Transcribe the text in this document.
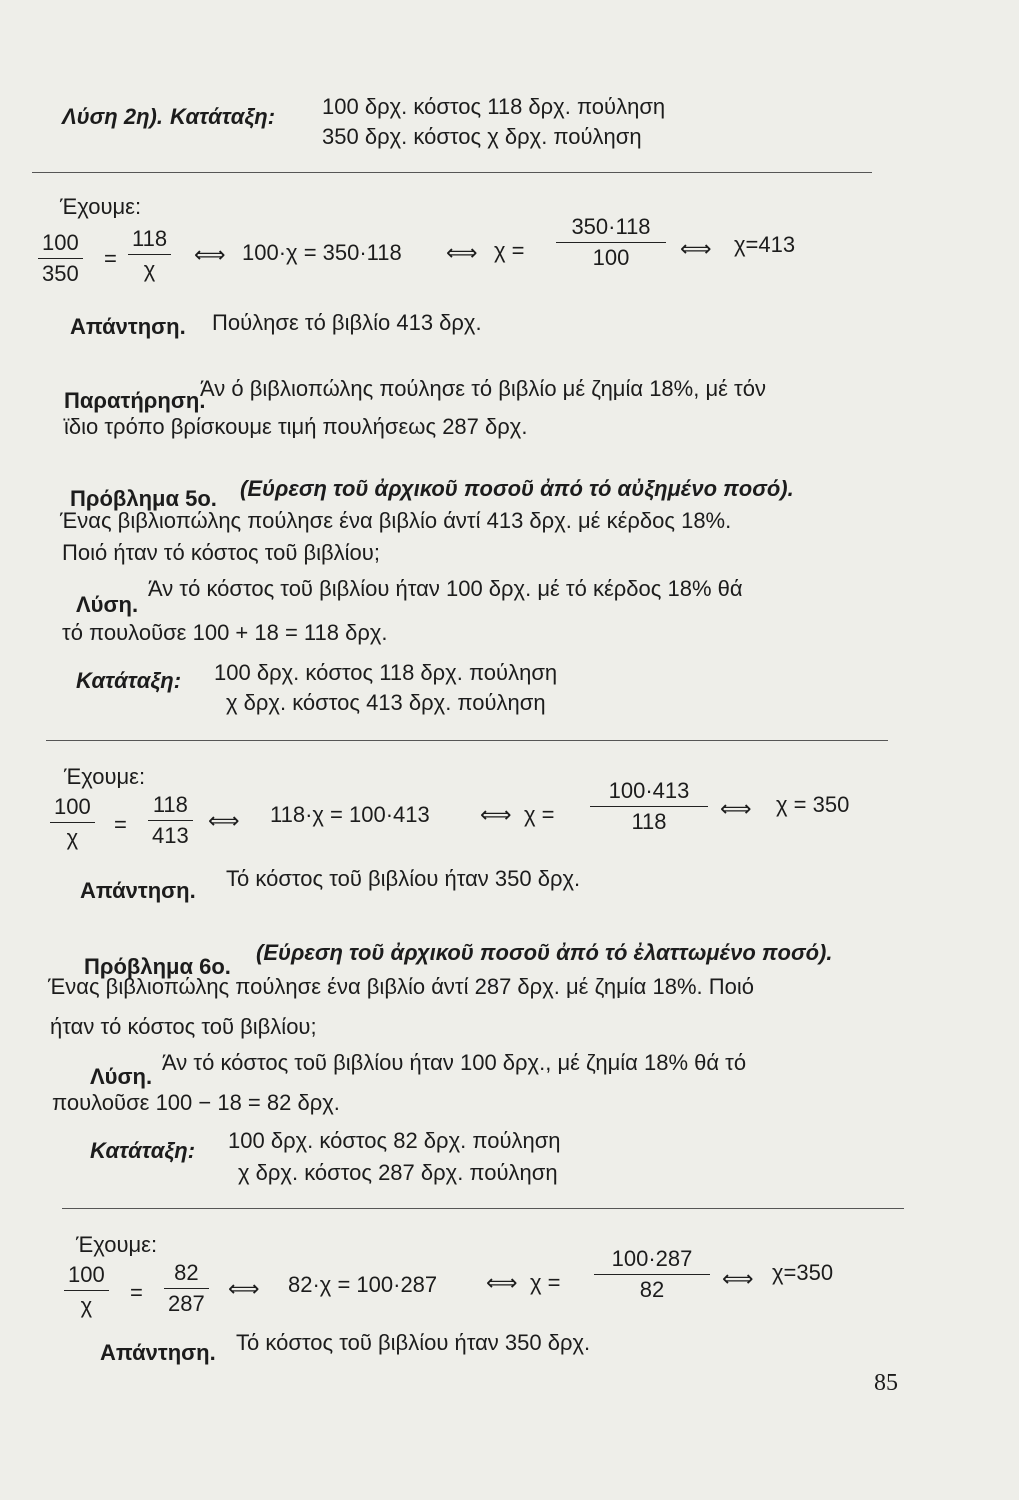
Λύση 2η). Κατάταξη: 100 δρχ. κόστος 118 δρχ. πούληση
350 δρχ. κόστος χ δρχ. πούληση
Έχουμε:
100
350
=
118
χ
⟺ 100·χ = 350·118 ⟺ χ =
350·118
100 ⟺ χ=413
Απάντηση. Πούλησε τό βιβλίο 413 δρχ.
Παρατήρηση.
Άν ό βιβλιοπώλης πούλησε τό βιβλίο μέ ζημία 18%, μέ τόν
ϊδιο τρόπο βρίσκουμε τιμή πουλήσεως 287 δρχ.
Πρόβλημα 5ο. (Εύρεση τοῦ ἀρχικοῦ ποσοῦ ἀπό τό αὐξημένο ποσό).
Ένας βιβλιοπώλης πούλησε ένα βιβλίο άντί 413 δρχ. μέ κέρδος 18%.
Ποιό ήταν τό κόστος τοῦ βιβλίου;
Λύση.
Άν τό κόστος τοῦ βιβλίου ήταν 100 δρχ. μέ τό κέρδος 18% θά
τό πουλοῦσε 100 + 18 = 118 δρχ.
Κατάταξη: 100 δρχ. κόστος 118 δρχ. πούληση
χ δρχ. κόστος 413 δρχ. πούληση
Έχουμε:
100
χ
=
118
413
⟺ 118·χ = 100·413 ⟺ χ =
100·413
118
⟺ χ = 350
Απάντηση. Τό κόστος τοῦ βιβλίου ήταν 350 δρχ.
Πρόβλημα 6ο.
(Εύρεση τοῦ ἀρχικοῦ ποσοῦ ἀπό τό ἐλαττωμένο ποσό).
Ένας βιβλιοπώλης πούλησε ένα βιβλίο άντί 287 δρχ. μέ ζημία 18%. Ποιό
ήταν τό κόστος τοῦ βιβλίου;
Λύση.
Άν τό κόστος τοῦ βιβλίου ήταν 100 δρχ., μέ ζημία 18% θά τό
πουλοῦσε 100 − 18 = 82 δρχ.
Κατάταξη: 100 δρχ. κόστος 82 δρχ. πούληση
χ δρχ. κόστος 287 δρχ. πούληση
Έχουμε:
100
χ
=
82
287
⟺ 82·χ = 100·287 ⟺ χ =
100·287
82	⟺ χ=350
Απάντηση. Τό κόστος τοῦ βιβλίου ήταν 350 δρχ.
85
